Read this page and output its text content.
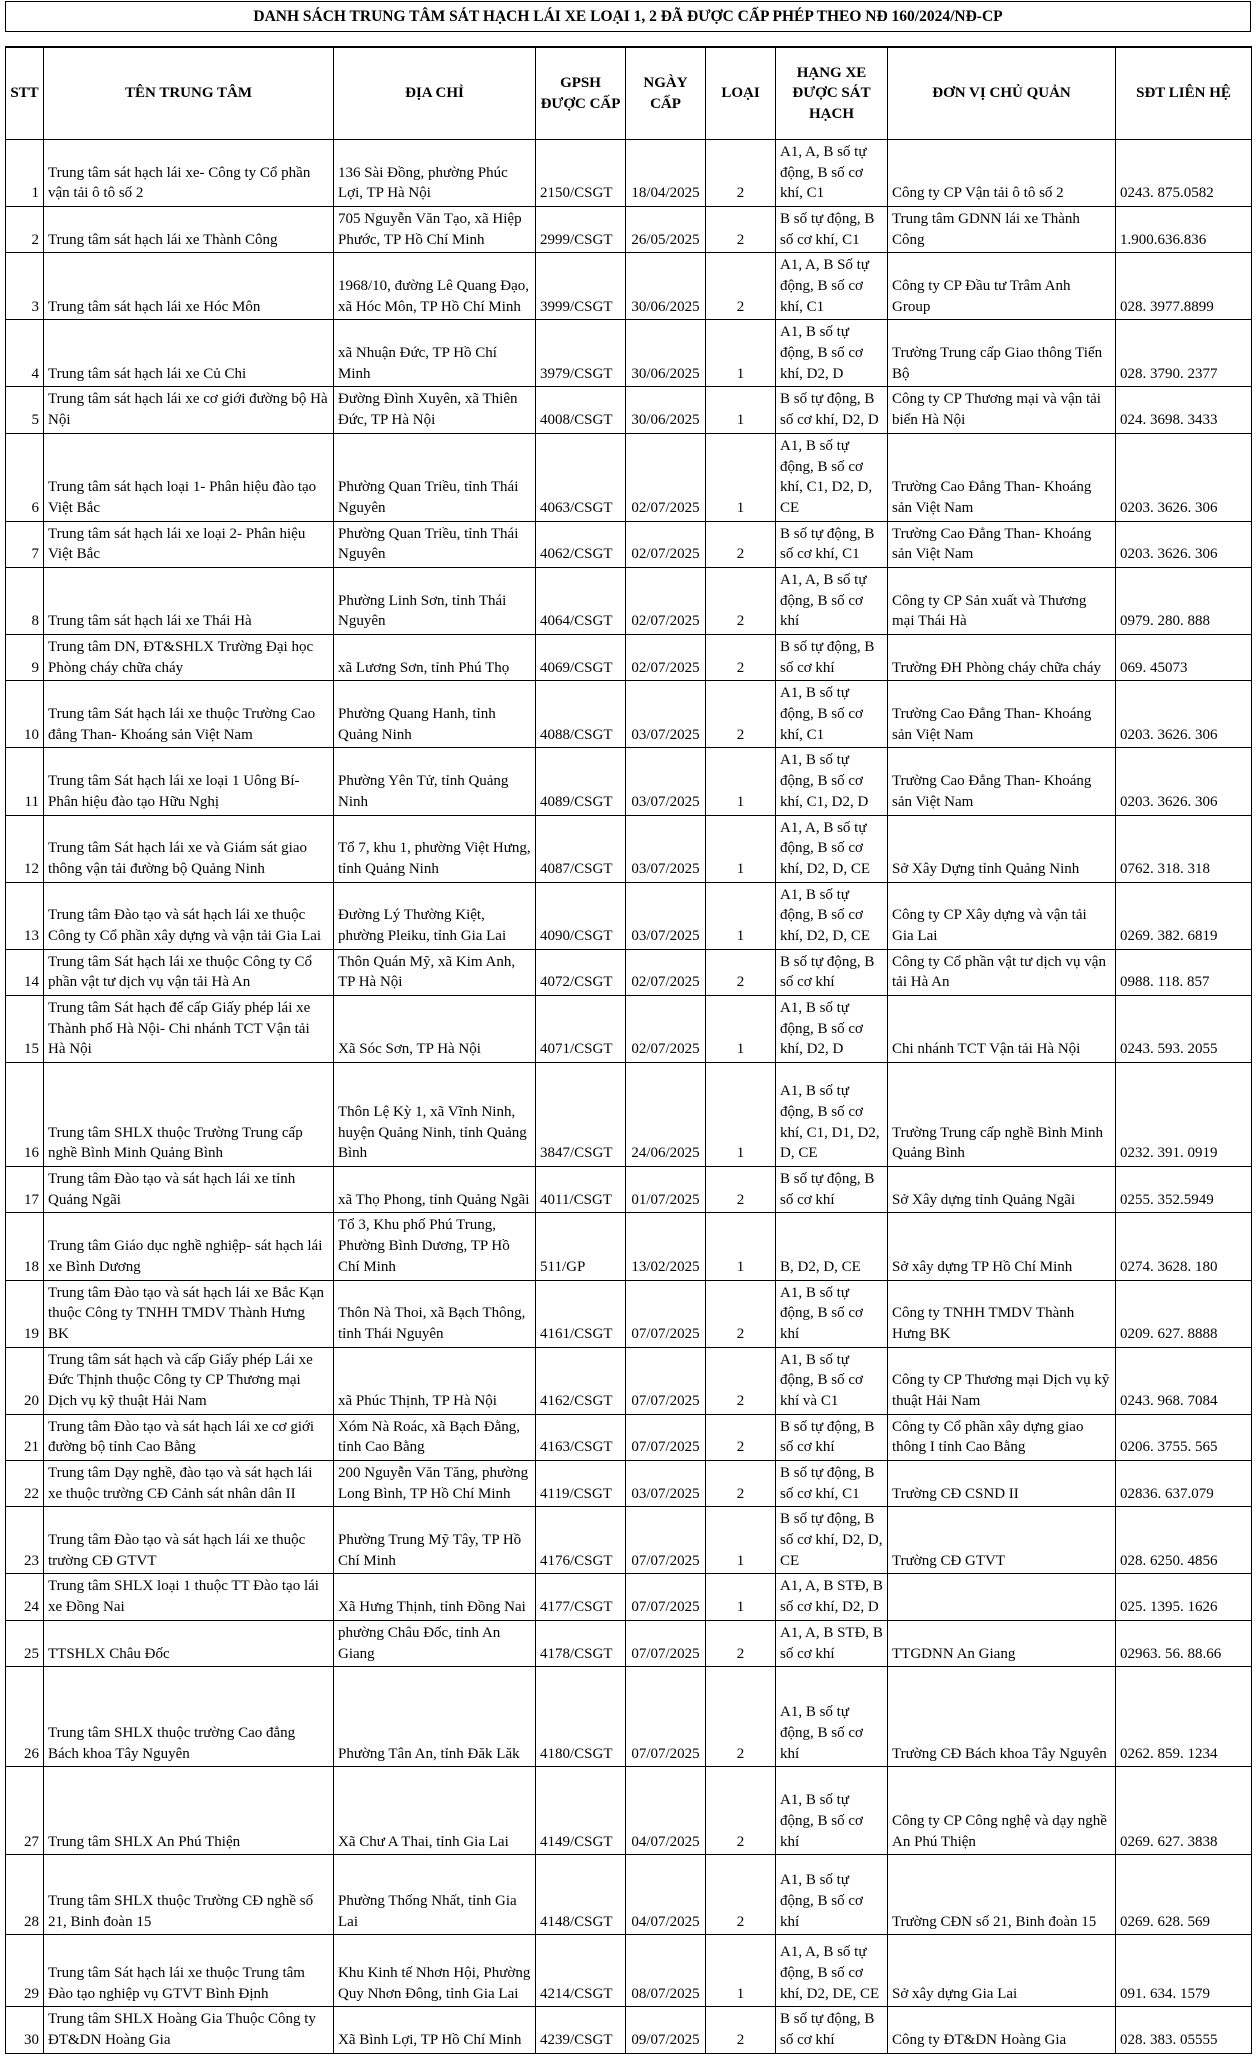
DANH SÁCH TRUNG TÂM SÁT HẠCH LÁI XE LOẠI 1, 2 ĐÃ ĐƯỢC CẤP PHÉP THEO NĐ 160/2024/NĐ-CP
STT	TÊN TRUNG TÂM	ĐỊA CHỈ	GPSH ĐƯỢC CẤP	NGÀY CẤP	LOẠI	HẠNG XE ĐƯỢC SÁT HẠCH	ĐƠN VỊ CHỦ QUẢN	SĐT LIÊN HỆ
1	Trung tâm sát hạch lái xe- Công ty Cổ phần vận tải ô tô số 2	136 Sài Đồng, phường Phúc Lợi, TP Hà Nội	2150/CSGT	18/04/2025	2	A1, A, B số tự động, B số cơ khí, C1	Công ty CP Vận tải ô tô số 2	0243. 875.0582
2	Trung tâm sát hạch lái xe Thành Công	705 Nguyễn Văn Tạo, xã Hiệp Phước, TP Hồ Chí Minh	2999/CSGT	26/05/2025	2	B số tự động, B số cơ khí, C1	Trung tâm GDNN lái xe Thành Công	1.900.636.836
3	Trung tâm sát hạch lái xe Hóc Môn	1968/10, đường Lê Quang Đạo, xã Hóc Môn, TP Hồ Chí Minh	3999/CSGT	30/06/2025	2	A1, A, B Số tự động, B số cơ khí, C1	Công ty CP Đầu tư Trâm Anh Group	028. 3977.8899
4	Trung tâm sát hạch lái xe Củ Chi	xã Nhuận Đức, TP Hồ Chí Minh	3979/CSGT	30/06/2025	1	A1, B số tự động, B số cơ khí, D2, D	Trường Trung cấp Giao thông Tiến Bộ	028. 3790. 2377
5	Trung tâm sát hạch lái xe cơ giới đường bộ Hà Nội	Đường Đình Xuyên, xã Thiên Đức, TP Hà Nội	4008/CSGT	30/06/2025	1	B số tự động, B số cơ khí, D2, D	Công ty CP Thương mại và vận tải biển Hà Nội	024. 3698. 3433
6	Trung tâm sát hạch loại 1- Phân hiệu đào tạo Việt Bắc	Phường Quan Triều, tỉnh Thái Nguyên	4063/CSGT	02/07/2025	1	A1, B số tự động, B số cơ khí, C1, D2, D, CE	Trường Cao Đẳng Than- Khoáng sản Việt Nam	0203. 3626. 306
7	Trung tâm sát hạch lái xe loại 2- Phân hiệu Việt Bắc	Phường Quan Triều, tỉnh Thái Nguyên	4062/CSGT	02/07/2025	2	B số tự động, B số cơ khí, C1	Trường Cao Đẳng Than- Khoáng sản Việt Nam	0203. 3626. 306
8	Trung tâm sát hạch lái xe Thái Hà	Phường Linh Sơn, tỉnh Thái Nguyên	4064/CSGT	02/07/2025	2	A1, A, B số tự động, B số cơ khí	Công ty CP Sản xuất và Thương mại Thái Hà	0979. 280. 888
9	Trung tâm DN, ĐT&SHLX Trường Đại học Phòng cháy chữa cháy	xã Lương Sơn, tỉnh Phú Thọ	4069/CSGT	02/07/2025	2	B số tự động, B số cơ khí	Trường ĐH Phòng cháy chữa cháy	069. 45073
10	Trung tâm Sát hạch lái xe thuộc Trường Cao đẳng Than- Khoáng sản Việt Nam	Phường Quang Hanh, tỉnh Quảng Ninh	4088/CSGT	03/07/2025	2	A1, B số tự động, B số cơ khí, C1	Trường Cao Đẳng Than- Khoáng sản Việt Nam	0203. 3626. 306
11	Trung tâm Sát hạch lái xe loại 1 Uông Bí- Phân hiệu đào tạo Hữu Nghị	Phường Yên Tử, tỉnh Quảng Ninh	4089/CSGT	03/07/2025	1	A1, B số tự động, B số cơ khí, C1, D2, D	Trường Cao Đẳng Than- Khoáng sản Việt Nam	0203. 3626. 306
12	Trung tâm Sát hạch lái xe và Giám sát giao thông vận tải đường bộ Quảng Ninh	Tổ 7, khu 1, phường Việt Hưng, tỉnh Quảng Ninh	4087/CSGT	03/07/2025	1	A1, A, B số tự động, B số cơ khí, D2, D, CE	Sở Xây Dựng tỉnh Quảng Ninh	0762. 318. 318
13	Trung tâm Đào tạo và sát hạch lái xe thuộc Công ty Cổ phần xây dựng và vận tải Gia Lai	Đường Lý Thường Kiệt, phường Pleiku, tỉnh Gia Lai	4090/CSGT	03/07/2025	1	A1, B số tự động, B số cơ khí, D2, D, CE	Công ty CP Xây dựng và vận tải Gia Lai	0269. 382. 6819
14	Trung tâm Sát hạch lái xe thuộc Công ty Cổ phần vật tư dịch vụ vận tải Hà An	Thôn Quán Mỹ, xã Kim Anh, TP Hà Nội	4072/CSGT	02/07/2025	2	B số tự động, B số cơ khí	Công ty Cổ phần vật tư dịch vụ vận tải Hà An	0988. 118. 857
15	Trung tâm Sát hạch để cấp Giấy phép lái xe Thành phố Hà Nội- Chi nhánh TCT Vận tải Hà Nội	Xã Sóc Sơn, TP Hà Nội	4071/CSGT	02/07/2025	1	A1, B số tự động, B số cơ khí, D2, D	Chi nhánh TCT Vận tải Hà Nội	0243. 593. 2055
16	Trung tâm SHLX thuộc Trường Trung cấp nghề Bình Minh Quảng Bình	Thôn Lệ Kỳ 1, xã Vĩnh Ninh, huyện Quảng Ninh, tỉnh Quảng Bình	3847/CSGT	24/06/2025	1	A1, B số tự động, B số cơ khí, C1, D1, D2, D, CE	Trường Trung cấp nghề Bình Minh Quảng Bình	0232. 391. 0919
17	Trung tâm Đào tạo và sát hạch lái xe tỉnh Quảng Ngãi	xã Thọ Phong, tỉnh Quảng Ngãi	4011/CSGT	01/07/2025	2	B số tự động, B số cơ khí	Sở Xây dựng tỉnh Quảng Ngãi	0255. 352.5949
18	Trung tâm Giáo dục nghề nghiệp- sát hạch lái xe Bình Dương	Tổ 3, Khu phố Phú Trung, Phường Bình Dương, TP Hồ Chí Minh	511/GP	13/02/2025	1	B, D2, D, CE	Sở xây dựng TP Hồ Chí Minh	0274. 3628. 180
19	Trung tâm Đào tạo và sát hạch lái xe Bắc Kạn thuộc Công ty TNHH TMDV Thành Hưng BK	Thôn Nà Thoi, xã Bạch Thông, tỉnh Thái Nguyên	4161/CSGT	07/07/2025	2	A1, B số tự động, B số cơ khí	Công ty TNHH TMDV Thành Hưng BK	0209. 627. 8888
20	Trung tâm sát hạch và cấp Giấy phép Lái xe Đức Thịnh thuộc Công ty CP Thương mại Dịch vụ kỹ thuật Hải Nam	xã Phúc Thịnh, TP Hà Nội	4162/CSGT	07/07/2025	2	A1, B số tự động, B số cơ khí và C1	Công ty CP Thương mại Dịch vụ kỹ thuật Hải Nam	0243. 968. 7084
21	Trung tâm Đào tạo và sát hạch lái xe cơ giới đường bộ tỉnh Cao Bằng	Xóm Nà Roác, xã Bạch Đằng, tỉnh Cao Bằng	4163/CSGT	07/07/2025	2	B số tự động, B số cơ khí	Công ty Cổ phần xây dựng giao thông I tỉnh Cao Bằng	0206. 3755. 565
22	Trung tâm Dạy nghề, đào tạo và sát hạch lái xe thuộc trường CĐ Cảnh sát nhân dân II	200 Nguyễn Văn Tăng, phường Long Bình, TP Hồ Chí Minh	4119/CSGT	03/07/2025	2	B số tự động, B số cơ khí, C1	Trường CĐ CSND II	02836. 637.079
23	Trung tâm Đào tạo và sát hạch lái xe thuộc trường CĐ GTVT	Phường Trung Mỹ Tây, TP Hồ Chí Minh	4176/CSGT	07/07/2025	1	B số tự động, B số cơ khí, D2, D, CE	Trường CĐ GTVT	028. 6250. 4856
24	Trung tâm SHLX loại 1 thuộc TT Đào tạo lái xe Đồng Nai	Xã Hưng Thịnh, tỉnh Đồng Nai	4177/CSGT	07/07/2025	1	A1, A, B STĐ, B số cơ khí, D2, D		025. 1395. 1626
25	TTSHLX Châu Đốc	phường Châu Đốc, tỉnh An Giang	4178/CSGT	07/07/2025	2	A1, A, B STĐ, B số cơ khí	TTGDNN An Giang	02963. 56. 88.66
26	Trung tâm SHLX thuộc trường Cao đẳng Bách khoa Tây Nguyên	Phường Tân An, tỉnh Đăk Lăk	4180/CSGT	07/07/2025	2	A1, B số tự động, B số cơ khí	Trường CĐ Bách khoa Tây Nguyên	0262. 859. 1234
27	Trung tâm SHLX An Phú Thiện	Xã Chư A Thai, tỉnh Gia Lai	4149/CSGT	04/07/2025	2	A1, B số tự động, B số cơ khí	Công ty CP Công nghệ và dạy nghề An Phú Thiện	0269. 627. 3838
28	Trung tâm SHLX thuộc Trường CĐ nghề số 21, Binh đoàn 15	Phường Thống Nhất, tỉnh Gia Lai	4148/CSGT	04/07/2025	2	A1, B số tự động, B số cơ khí	Trường CĐN số 21, Binh đoàn 15	0269. 628. 569
29	Trung tâm Sát hạch lái xe thuộc Trung tâm Đào tạo nghiệp vụ GTVT Bình Định	Khu Kinh tế Nhơn Hội, Phường Quy Nhơn Đông, tỉnh Gia Lai	4214/CSGT	08/07/2025	1	A1, A, B số tự động, B số cơ khí, D2, DE, CE	Sở xây dựng Gia Lai	091. 634. 1579
30	Trung tâm SHLX Hoàng Gia Thuộc Công ty ĐT&DN Hoàng Gia	Xã Bình Lợi, TP Hồ Chí Minh	4239/CSGT	09/07/2025	2	B số tự động, B số cơ khí	Công ty ĐT&DN Hoàng Gia	028. 383. 05555
